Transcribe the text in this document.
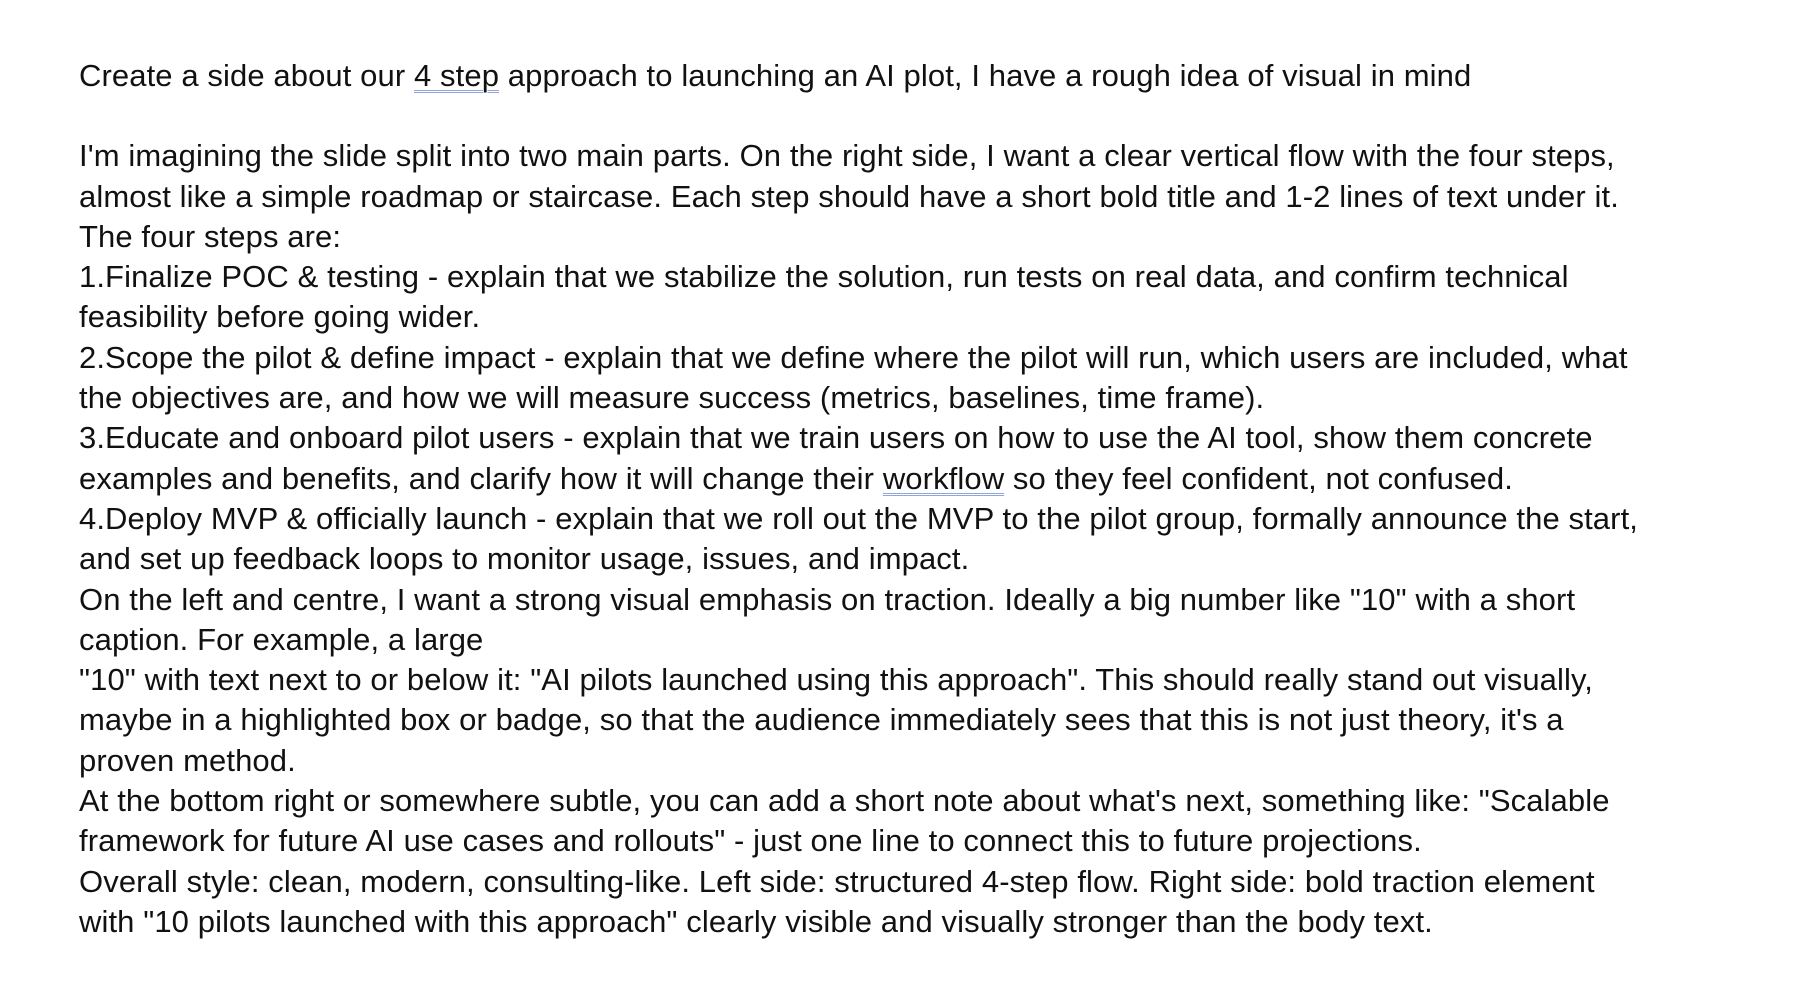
Create a side about our 4 step approach to launching an AI plot, I have a rough idea of visual in mind
I'm imagining the slide split into two main parts. On the right side, I want a clear vertical flow with the four steps,
almost like a simple roadmap or staircase. Each step should have a short bold title and 1-2 lines of text under it.
The four steps are:
1.Finalize POC & testing - explain that we stabilize the solution, run tests on real data, and confirm technical
feasibility before going wider.
2.Scope the pilot & define impact - explain that we define where the pilot will run, which users are included, what
the objectives are, and how we will measure success (metrics, baselines, time frame).
3.Educate and onboard pilot users - explain that we train users on how to use the AI tool, show them concrete
examples and benefits, and clarify how it will change their workflow so they feel confident, not confused.
4.Deploy MVP & officially launch - explain that we roll out the MVP to the pilot group, formally announce the start,
and set up feedback loops to monitor usage, issues, and impact.
On the left and centre, I want a strong visual emphasis on traction. Ideally a big number like "10" with a short
caption. For example, a large
"10" with text next to or below it: "AI pilots launched using this approach". This should really stand out visually,
maybe in a highlighted box or badge, so that the audience immediately sees that this is not just theory, it's a
proven method.
At the bottom right or somewhere subtle, you can add a short note about what's next, something like: "Scalable
framework for future AI use cases and rollouts" - just one line to connect this to future projections.
Overall style: clean, modern, consulting-like. Left side: structured 4-step flow. Right side: bold traction element
with "10 pilots launched with this approach" clearly visible and visually stronger than the body text.
